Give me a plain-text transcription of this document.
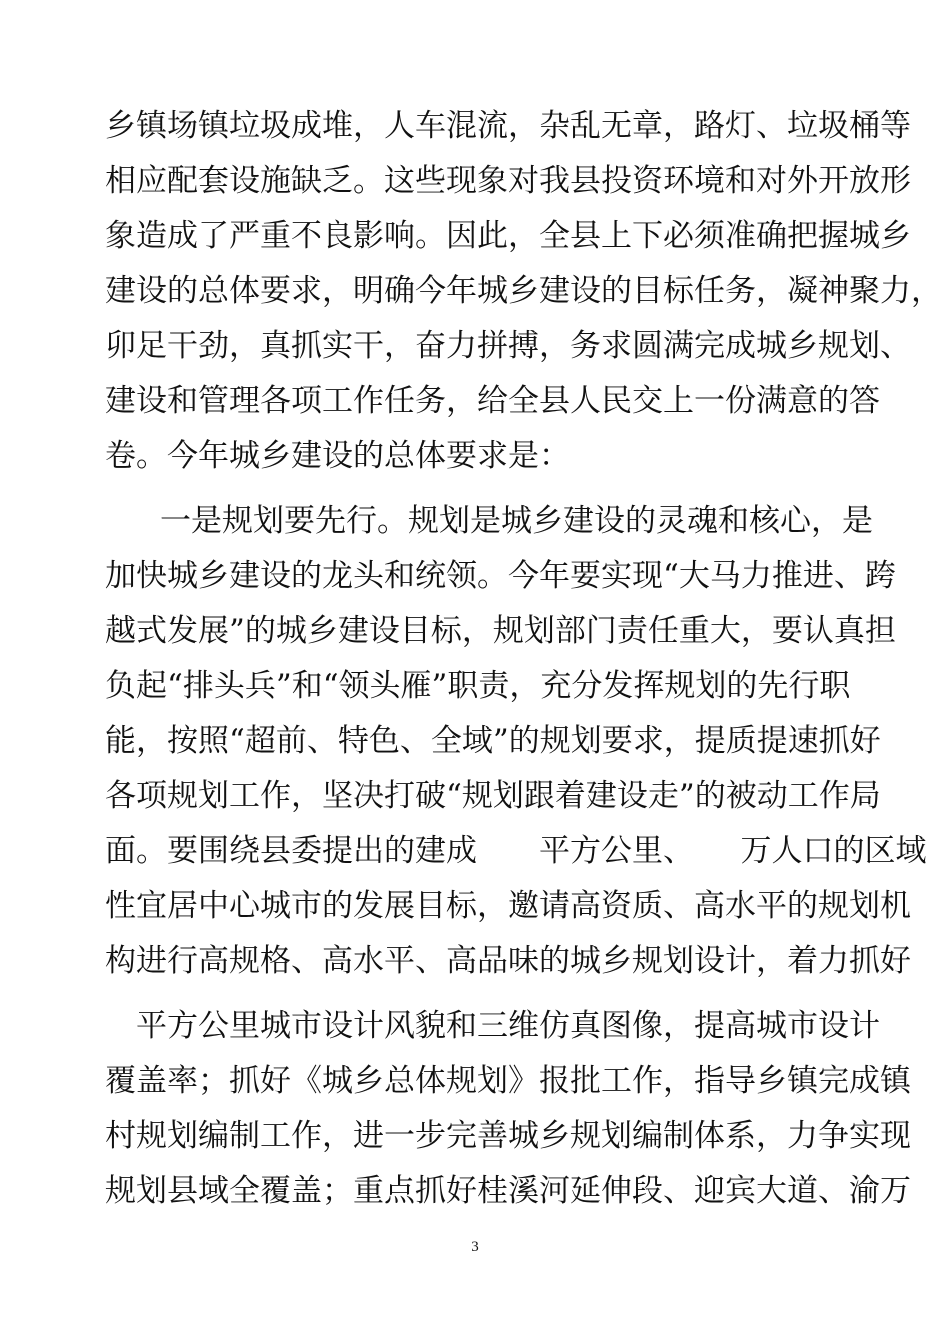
乡镇场镇垃圾成堆，人车混流，杂乱无章，路灯、垃圾桶等
相应配套设施缺乏。这些现象对我县投资环境和对外开放形
象造成了严重不良影响。因此，全县上下必须准确把握城乡
建设的总体要求，明确今年城乡建设的目标任务，凝神聚力，
卯足干劲，真抓实干，奋力拼搏，务求圆满完成城乡规划、
建设和管理各项工作任务，给全县人民交上一份满意的答
卷。今年城乡建设的总体要求是：
一是规划要先行。规划是城乡建设的灵魂和核心，是
加快城乡建设的龙头和统领。今年要实现“大马力推进、跨
越式发展”的城乡建设目标，规划部门责任重大，要认真担
负起“排头兵”和“领头雁”职责，充分发挥规划的先行职
能，按照“超前、特色、全域”的规划要求，提质提速抓好
各项规划工作，坚决打破“规划跟着建设走”的被动工作局
面。要围绕县委提出的建成　　平方公里、　　万人口的区域
性宜居中心城市的发展目标，邀请高资质、高水平的规划机
构进行高规格、高水平、高品味的城乡规划设计，着力抓好
　平方公里城市设计风貌和三维仿真图像，提高城市设计
覆盖率；抓好《城乡总体规划》报批工作，指导乡镇完成镇
村规划编制工作，进一步完善城乡规划编制体系，力争实现
规划县域全覆盖；重点抓好桂溪河延伸段、迎宾大道、渝万
3
